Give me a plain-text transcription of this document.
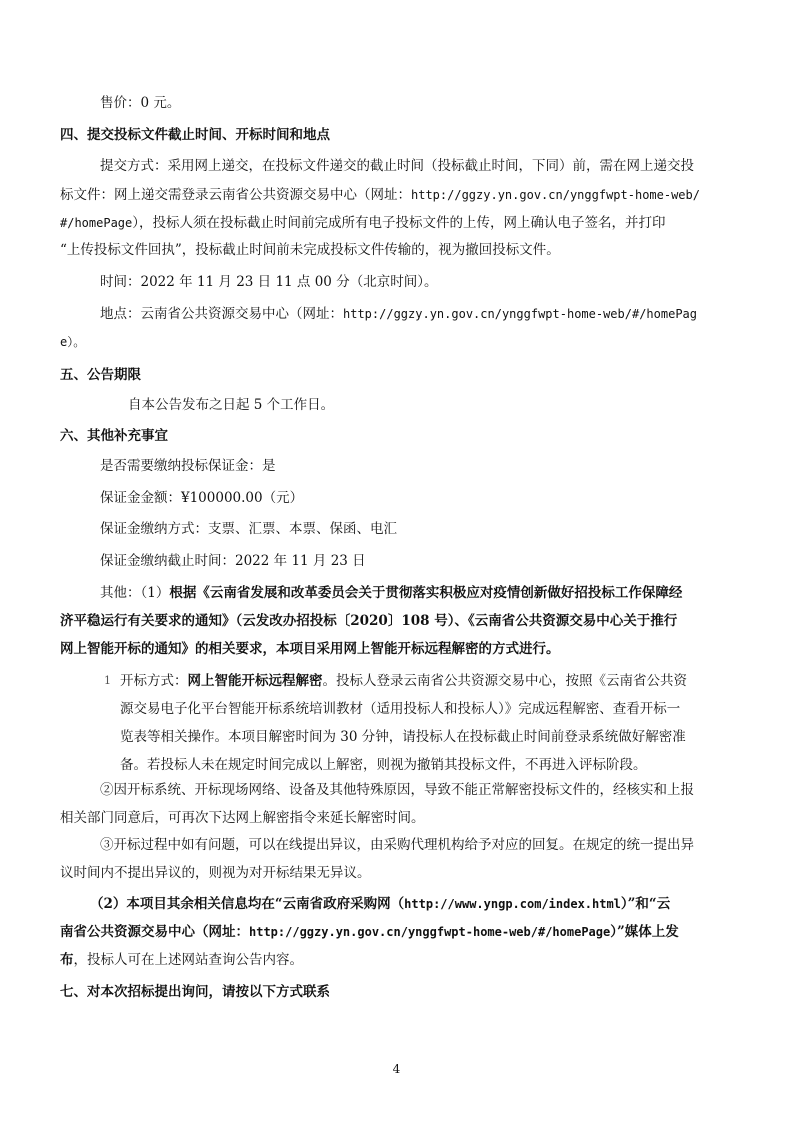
售价：0 元。
四、提交投标文件截止时间、开标时间和地点
提交方式：采用网上递交，在投标文件递交的截止时间（投标截止时间，下同）前，需在网上递交投
标文件：网上递交需登录云南省公共资源交易中心（网址：http://ggzy.yn.gov.cn/ynggfwpt-home-web/
#/homePage），投标人须在投标截止时间前完成所有电子投标文件的上传，网上确认电子签名，并打印
“上传投标文件回执”，投标截止时间前未完成投标文件传输的，视为撤回投标文件。
时间：2022 年 11 月 23 日 11 点 00 分（北京时间）。
地点：云南省公共资源交易中心（网址：http://ggzy.yn.gov.cn/ynggfwpt-home-web/#/homePag
e）。
五、公告期限
自本公告发布之日起 5 个工作日。
六、其他补充事宜
是否需要缴纳投标保证金：是
保证金金额：¥100000.00（元）
保证金缴纳方式：支票、汇票、本票、保函、电汇
保证金缴纳截止时间：2022 年 11 月 23 日
其他：（1）根据《云南省发展和改革委员会关于贯彻落实积极应对疫情创新做好招投标工作保障经
济平稳运行有关要求的通知》（云发改办招投标〔2020〕108 号）、《云南省公共资源交易中心关于推行
网上智能开标的通知》的相关要求，本项目采用网上智能开标远程解密的方式进行。
1 开标方式：网上智能开标远程解密。投标人登录云南省公共资源交易中心，按照《云南省公共资
源交易电子化平台智能开标系统培训教材（适用投标人和投标人）》完成远程解密、查看开标一
览表等相关操作。本项目解密时间为 30 分钟，请投标人在投标截止时间前登录系统做好解密准
备。若投标人未在规定时间完成以上解密，则视为撤销其投标文件，不再进入评标阶段。
②因开标系统、开标现场网络、设备及其他特殊原因，导致不能正常解密投标文件的，经核实和上报
相关部门同意后，可再次下达网上解密指令来延长解密时间。
③开标过程中如有问题，可以在线提出异议，由采购代理机构给予对应的回复。在规定的统一提出异
议时间内不提出异议的，则视为对开标结果无异议。
（2）本项目其余相关信息均在“云南省政府采购网（http://www.yngp.com/index.html）”和“云
南省公共资源交易中心（网址：http://ggzy.yn.gov.cn/ynggfwpt-home-web/#/homePage）”媒体上发
布，投标人可在上述网站查询公告内容。
七、对本次招标提出询问，请按以下方式联系
4
